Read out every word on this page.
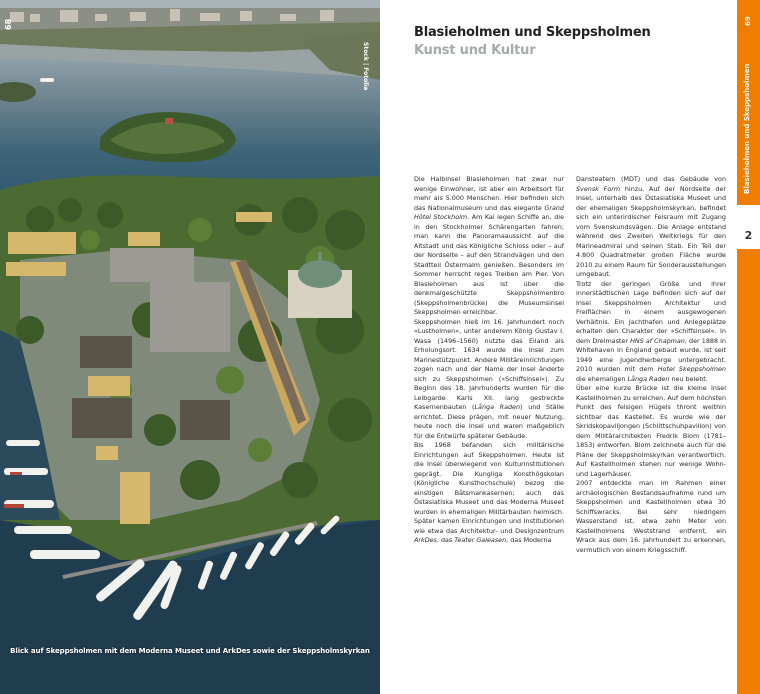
68
Stock | Fotolia
Blick auf Skeppsholmen mit dem Moderna Museet und ArkDes sowie der Skeppsholmskyrkan
Blasieholmen und Skeppsholmen
Kunst und Kultur

Die Halbinsel Blasieholmen hat zwar nur wenige Einwohner, ist aber ein Arbeitsort für mehr als 5.000 Menschen. Hier befinden sich das Nationalmuseum und das elegante Grand Hôtel Stockholm. Am Kai legen Schiffe an, die in den Stockholmer Schärengarten fahren; man kann die Panoramaaussicht auf die Altstadt und das Königliche Schloss oder – auf der Nordseite – auf den Strandvägen und den Stadtteil Östermalm genießen. Besonders im Sommer herrscht reges Treiben am Pier. Von Blasieholmen aus ist über die denkmalgeschützte Skeppsholmenbro (Skeppsholmenbrücke) die Museumsinsel Skeppsholmen erreichbar.

Skeppsholmen hieß im 16. Jahrhundert noch »Lustholmen«, unter anderem König Gustav I. Wasa (1496–1560) nutzte das Eiland als Erholungsort. 1634 wurde die Insel zum Marinestützpunkt. Andere Militäreinrichtungen zogen nach und der Name der Insel änderte sich zu Skeppsholmen (»Schiffsinsel«). Zu Beginn des 18. Jahrhunderts wurden für die Leibgarde Karls XII. lang gestreckte Kasernenbauten (Långa Raden) und Ställe errichtet. Diese prägen, mit neuer Nutzung, heute noch die Insel und waren maßgeblich für die Entwürfe späterer Gebäude.

Bis 1968 befanden sich militärische Einrichtungen auf Skeppsholmen. Heute ist die Insel überwiegend von Kulturinstitutionen geprägt. Die Kungliga Konsthögskolan (Königliche Kunsthochschule) bezog die einstigen Båtsmankasernen; auch das Östasiatiska Museet und das Moderna Museet wurden in ehemaligen Militärbauten heimisch. Später kamen Einrichtungen und Institutionen wie etwa das Architektur- und Designzentrum ArkDes, das Teater Galeasen, das Moderna

Dansteatern (MDT) und das Gebäude von Svensk Form hinzu. Auf der Nordseite der Insel, unterhalb des Östasiatiska Museet und der ehemaligen Skeppsholmskyrkan, befindet sich ein unterirdischer Felsraum mit Zugang vom Svenskundsvägen. Die Anlage entstand während des Zweiten Weltkriegs für den Marineadmiral und seinen Stab. Ein Teil der 4.800 Quadratmeter großen Fläche wurde 2010 zu einem Raum für Sonderausstellungen umgebaut.

Trotz der geringen Größe und ihrer innerstädtischen Lage befinden sich auf der Insel Skeppsholmen Architektur und Freiflächen in einem ausgewogenen Verhältnis. Ein Jachthafen und Anlegeplätze erhalten den Charakter der »Schiffsinsel«. In dem Dreimaster HNS af Chapman, der 1888 in Whitehaven in England gebaut wurde, ist seit 1949 eine Jugendherberge untergebracht. 2010 wurden mit dem Hotel Skeppsholmen die ehemaligen Långa Raden neu belebt.

Über eine kurze Brücke ist die kleine Insel Kastellholmen zu erreichen. Auf dem höchsten Punkt des felsigen Hügels thront weithin sichtbar das Kastellet. Es wurde wie der Skridskopaviljongen (Schlittschuhpavillon) von dem Militärarchitekten Fredrik Blom (1781–1853) entworfen. Blom zeichnete auch für die Pläne der Skeppsholmskyrkan verantwortlich. Auf Kastellholmen stehen nur wenige Wohn- und Lagerhäuser.

2007 entdeckte man im Rahmen einer archäologischen Bestandsaufnahme rund um Skeppsholmen und Kastellholmen etwa 30 Schiffswracks. Bei sehr niedrigem Wasserstand ist, etwa zehn Meter von Kastellholmens Weststrand entfernt, ein Wrack aus dem 16. Jahrhundert zu erkennen, vermutlich von einem Kriegsschiff.

69
Blasieholmen und Skeppsholmen
2
